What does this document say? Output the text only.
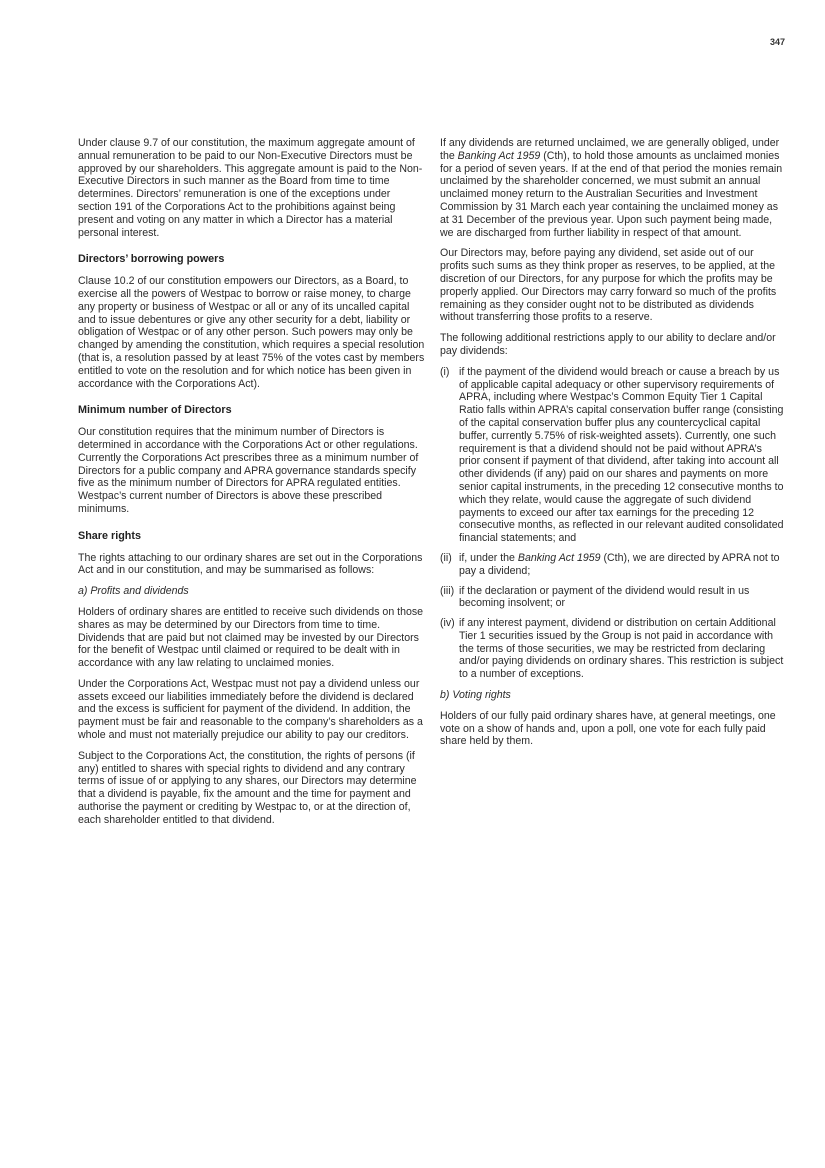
347

Under clause 9.7 of our constitution, the maximum aggregate amount of annual remuneration to be paid to our Non-Executive Directors must be approved by our shareholders. This aggregate amount is paid to the Non-Executive Directors in such manner as the Board from time to time determines. Directors’ remuneration is one of the exceptions under section 191 of the Corporations Act to the prohibitions against being present and voting on any matter in which a Director has a material personal interest.

Directors’ borrowing powers

Clause 10.2 of our constitution empowers our Directors, as a Board, to exercise all the powers of Westpac to borrow or raise money, to charge any property or business of Westpac or all or any of its uncalled capital and to issue debentures or give any other security for a debt, liability or obligation of Westpac or of any other person. Such powers may only be changed by amending the constitution, which requires a special resolution (that is, a resolution passed by at least 75% of the votes cast by members entitled to vote on the resolution and for which notice has been given in accordance with the Corporations Act).

Minimum number of Directors

Our constitution requires that the minimum number of Directors is determined in accordance with the Corporations Act or other regulations. Currently the Corporations Act prescribes three as a minimum number of Directors for a public company and APRA governance standards specify five as the minimum number of Directors for APRA regulated entities. Westpac’s current number of Directors is above these prescribed minimums.

Share rights

The rights attaching to our ordinary shares are set out in the Corporations Act and in our constitution, and may be summarised as follows:

a) Profits and dividends

Holders of ordinary shares are entitled to receive such dividends on those shares as may be determined by our Directors from time to time. Dividends that are paid but not claimed may be invested by our Directors for the benefit of Westpac until claimed or required to be dealt with in accordance with any law relating to unclaimed monies.

Under the Corporations Act, Westpac must not pay a dividend unless our assets exceed our liabilities immediately before the dividend is declared and the excess is sufficient for payment of the dividend. In addition, the payment must be fair and reasonable to the company’s shareholders as a whole and must not materially prejudice our ability to pay our creditors.

Subject to the Corporations Act, the constitution, the rights of persons (if any) entitled to shares with special rights to dividend and any contrary terms of issue of or applying to any shares, our Directors may determine that a dividend is payable, fix the amount and the time for payment and authorise the payment or crediting by Westpac to, or at the direction of, each shareholder entitled to that dividend.

If any dividends are returned unclaimed, we are generally obliged, under the Banking Act 1959 (Cth), to hold those amounts as unclaimed monies for a period of seven years. If at the end of that period the monies remain unclaimed by the shareholder concerned, we must submit an annual unclaimed money return to the Australian Securities and Investment Commission by 31 March each year containing the unclaimed money as at 31 December of the previous year. Upon such payment being made, we are discharged from further liability in respect of that amount.

Our Directors may, before paying any dividend, set aside out of our profits such sums as they think proper as reserves, to be applied, at the discretion of our Directors, for any purpose for which the profits may be properly applied. Our Directors may carry forward so much of the profits remaining as they consider ought not to be distributed as dividends without transferring those profits to a reserve.

The following additional restrictions apply to our ability to declare and/or pay dividends:

(i) if the payment of the dividend would breach or cause a breach by us of applicable capital adequacy or other supervisory requirements of APRA, including where Westpac’s Common Equity Tier 1 Capital Ratio falls within APRA’s capital conservation buffer range (consisting of the capital conservation buffer plus any countercyclical capital buffer, currently 5.75% of risk-weighted assets). Currently, one such requirement is that a dividend should not be paid without APRA’s prior consent if payment of that dividend, after taking into account all other dividends (if any) paid on our shares and payments on more senior capital instruments, in the preceding 12 consecutive months to which they relate, would cause the aggregate of such dividend payments to exceed our after tax earnings for the preceding 12 consecutive months, as reflected in our relevant audited consolidated financial statements; and
(ii) if, under the Banking Act 1959 (Cth), we are directed by APRA not to pay a dividend;
(iii) if the declaration or payment of the dividend would result in us becoming insolvent; or
(iv) if any interest payment, dividend or distribution on certain Additional Tier 1 securities issued by the Group is not paid in accordance with the terms of those securities, we may be restricted from declaring and/or paying dividends on ordinary shares. This restriction is subject to a number of exceptions.

b) Voting rights

Holders of our fully paid ordinary shares have, at general meetings, one vote on a show of hands and, upon a poll, one vote for each fully paid share held by them.
